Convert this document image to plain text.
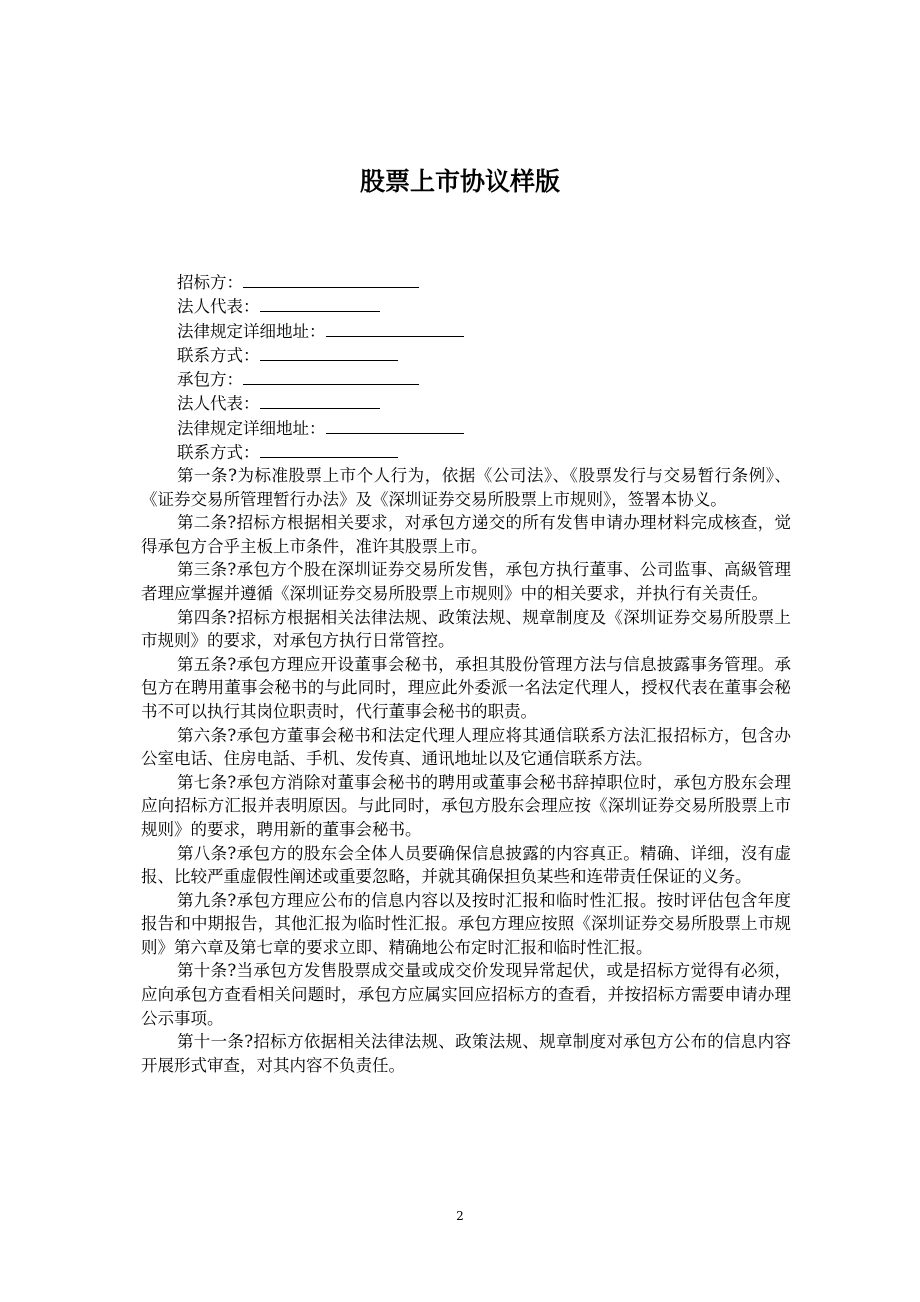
股票上市协议样版
招标方：
法人代表：
法律规定详细地址：
联系方式：
承包方：
法人代表：
法律规定详细地址：
联系方式：

第一条?为标准股票上市个人行为，依据《公司法》、《股票发行与交易暂行条例》、《证券交易所管理暂行办法》及《深圳证券交易所股票上市规则》，签署本协义。

第二条?招标方根据相关要求，对承包方递交的所有发售申请办理材料完成核查，觉得承包方合乎主板上市条件，准许其股票上市。

第三条?承包方个股在深圳证券交易所发售，承包方执行董事、公司监事、高級管理者理应掌握并遵循《深圳证券交易所股票上市规则》中的相关要求，并执行有关责任。

第四条?招标方根据相关法律法规、政策法规、规章制度及《深圳证券交易所股票上市规则》的要求，对承包方执行日常管控。

第五条?承包方理应开设董事会秘书，承担其股份管理方法与信息披露事务管理。承包方在聘用董事会秘书的与此同时，理应此外委派一名法定代理人，授权代表在董事会秘书不可以执行其岗位职责时，代行董事会秘书的职责。

第六条?承包方董事会秘书和法定代理人理应将其通信联系方法汇报招标方，包含办公室电话、住房电話、手机、发传真、通讯地址以及它通信联系方法。

第七条?承包方消除对董事会秘书的聘用或董事会秘书辞掉职位时，承包方股东会理应向招标方汇报并表明原因。与此同时，承包方股东会理应按《深圳证券交易所股票上市规则》的要求，聘用新的董事会秘书。

第八条?承包方的股东会全体人员要确保信息披露的内容真正。精确、详细，沒有虚报、比较严重虚假性阐述或重要忽略，并就其确保担负某些和连带责任保证的义务。

第九条?承包方理应公布的信息内容以及按时汇报和临时性汇报。按时评估包含年度报告和中期报告，其他汇报为临时性汇报。承包方理应按照《深圳证券交易所股票上市规则》第六章及第七章的要求立即、精确地公布定时汇报和临时性汇报。

第十条?当承包方发售股票成交量或成交价发现异常起伏，或是招标方觉得有必须，应向承包方查看相关问题时，承包方应属实回应招标方的查看，并按招标方需要申请办理公示事项。

第十一条?招标方依据相关法律法规、政策法规、规章制度对承包方公布的信息内容开展形式审查，对其内容不负责任。

2
